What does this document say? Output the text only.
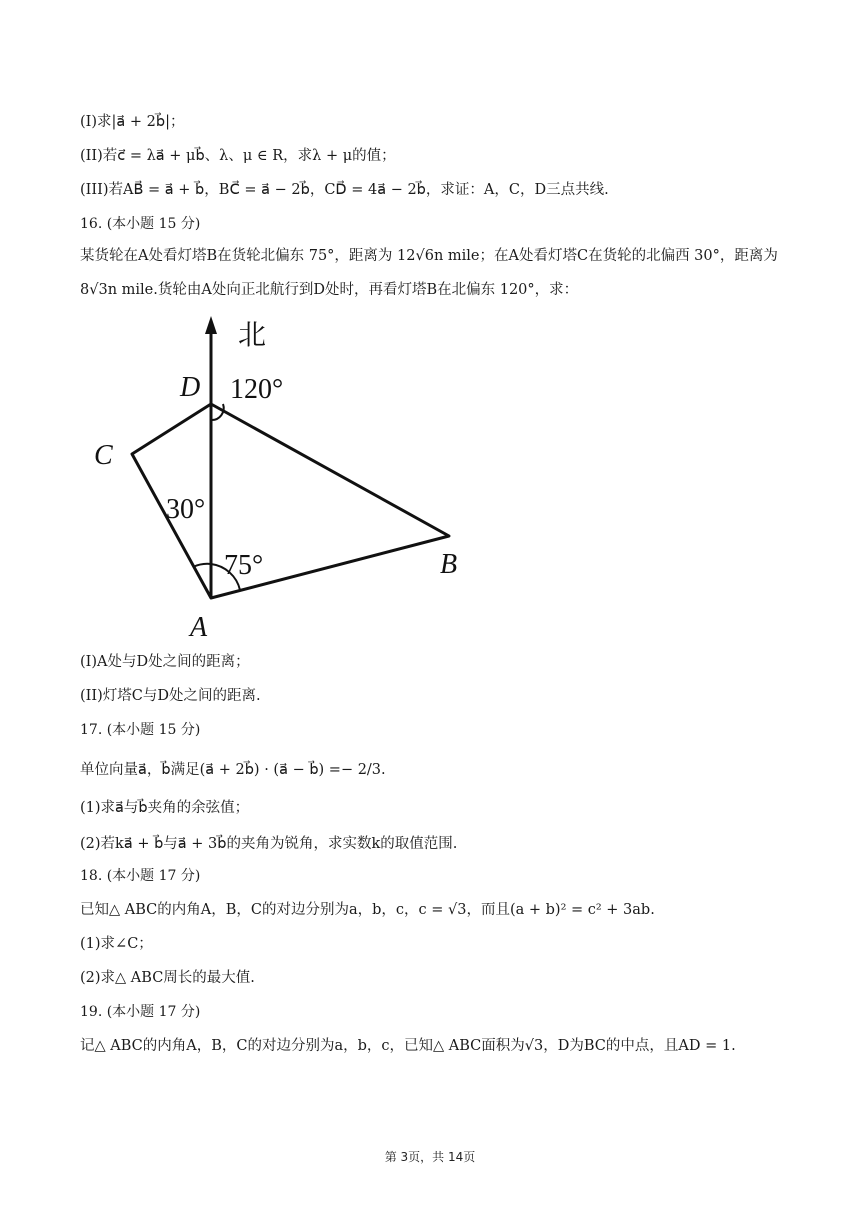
(I)求|a⃗ + 2b⃗|；
(II)若c⃗ = λa⃗ + μb⃗、λ、μ ∈ R，求λ + μ的值；
(III)若AB⃗ = a⃗ + b⃗，BC⃗ = a⃗ − 2b⃗，CD⃗ = 4a⃗ − 2b⃗，求证：A，C，D三点共线.
16. (本小题 15 分)
某货轮在A处看灯塔B在货轮北偏东 75°，距离为 12√6n mile；在A处看灯塔C在货轮的北偏西 30°，距离为
8√3n mile.货轮由A处向正北航行到D处时，再看灯塔B在北偏东 120°，求：
北
D 120°
C
30°
75°	B
A
(I)A处与D处之间的距离；
(II)灯塔C与D处之间的距离.
17. (本小题 15 分)
单位向量a⃗，b⃗满足(a⃗ + 2b⃗) · (a⃗ − b⃗) =− 2/3.
(1)求a⃗与b⃗夹角的余弦值；
(2)若ka⃗ + b⃗与a⃗ + 3b⃗的夹角为锐角，求实数k的取值范围.
18. (本小题 17 分)
已知△ ABC的内角A，B，C的对边分别为a，b，c，c = √3，而且(a + b)² = c² + 3ab.
(1)求∠C；
(2)求△ ABC周长的最大值.
19. (本小题 17 分)
记△ ABC的内角A，B，C的对边分别为a，b，c，已知△ ABC面积为√3，D为BC的中点，且AD = 1.
第 3页，共 14页
